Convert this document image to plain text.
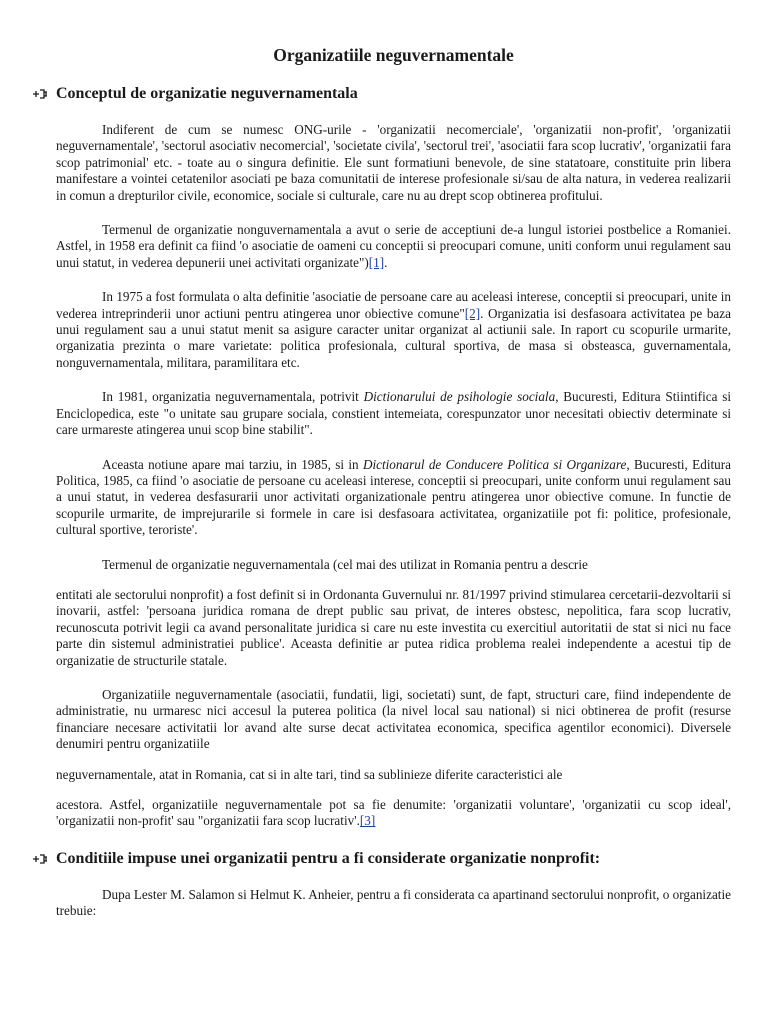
Organizatiile neguvernamentale
Conceptul de organizatie neguvernamentala

Indiferent de cum se numesc ONG-urile - 'organizatii necomerciale', 'organizatii non-profit', 'organizatii neguvernamentale', 'sectorul asociativ necomercial', 'societate civila', 'sectorul trei', 'asociatii fara scop lucrativ', 'organizatii fara scop patrimonial' etc. - toate au o singura definitie. Ele sunt formatiuni benevole, de sine statatoare, constituite prin libera manifestare a vointei cetatenilor asociati pe baza comunitatii de interese profesionale si/sau de alta natura, in vederea realizarii in comun a drepturilor civile, economice, sociale si culturale, care nu au drept scop obtinerea profitului.

Termenul de organizatie nonguvernamentala a avut o serie de acceptiuni de-a lungul istoriei postbelice a Romaniei. Astfel, in 1958 era definit ca fiind 'o asociatie de oameni cu conceptii si preocupari comune, uniti conform unui regulament sau unui statut, in vederea depunerii unei activitati organizate")[1].

In 1975 a fost formulata o alta definitie 'asociatie de persoane care au aceleasi interese, conceptii si preocupari, unite in vederea intreprinderii unor actiuni pentru atingerea unor obiective comune"[2]. Organizatia isi desfasoara activitatea pe baza unui regulament sau a unui statut menit sa asigure caracter unitar organizat al actiunii sale. In raport cu scopurile urmarite, organizatia prezinta o mare varietate: politica profesionala, cultural sportiva, de masa si obsteasca, guvernamentala, nonguvernamentala, militara, paramilitara etc.

In 1981, organizatia neguvernamentala, potrivit Dictionarului de psihologie sociala, Bucuresti, Editura Stiintifica si Enciclopedica, este "o unitate sau grupare sociala, constient intemeiata, corespunzator unor necesitati obiectiv determinate si care urmareste atingerea unui scop bine stabilit".

Aceasta notiune apare mai tarziu, in 1985, si in Dictionarul de Conducere Politica si Organizare, Bucuresti, Editura Politica, 1985, ca fiind 'o asociatie de persoane cu aceleasi interese, conceptii si preocupari, unite conform unui regulament sau a unui statut, in vederea desfasurarii unor activitati organizationale pentru atingerea unor obiective comune. In functie de scopurile urmarite, de imprejurarile si formele in care isi desfasoara activitatea, organizatiile pot fi: politice, profesionale, cultural sportive, teroriste'.

Termenul de organizatie neguvernamentala (cel mai des utilizat in Romania pentru a descrie

entitati ale sectorului nonprofit) a fost definit si in Ordonanta Guvernului nr. 81/1997 privind stimularea cercetarii-dezvoltarii si inovarii, astfel: 'persoana juridica romana de drept public sau privat, de interes obstesc, nepolitica, fara scop lucrativ, recunoscuta potrivit legii ca avand personalitate juridica si care nu este investita cu exercitiul autoritatii de stat si nici nu face parte din sistemul administratiei publice'. Aceasta definitie ar putea ridica problema realei independente a acestui tip de organizatie de structurile statale.

Organizatiile neguvernamentale (asociatii, fundatii, ligi, societati) sunt, de fapt, structuri care, fiind independente de administratie, nu urmaresc nici accesul la puterea politica (la nivel local sau national) si nici obtinerea de profit (resurse financiare necesare activitatii lor avand alte surse decat activitatea economica, specifica agentilor economici). Diversele denumiri pentru organizatiile

neguvernamentale, atat in Romania, cat si in alte tari, tind sa sublinieze diferite caracteristici ale

acestora. Astfel, organizatiile neguvernamentale pot sa fie denumite: 'organizatii voluntare', 'organizatii cu scop ideal', 'organizatii non-profit' sau "organizatii fara scop lucrativ'.[3]

Conditiile impuse unei organizatii pentru a fi considerate organizatie nonprofit:

Dupa Lester M. Salamon si Helmut K. Anheier, pentru a fi considerata ca apartinand sectorului nonprofit, o organizatie trebuie:
